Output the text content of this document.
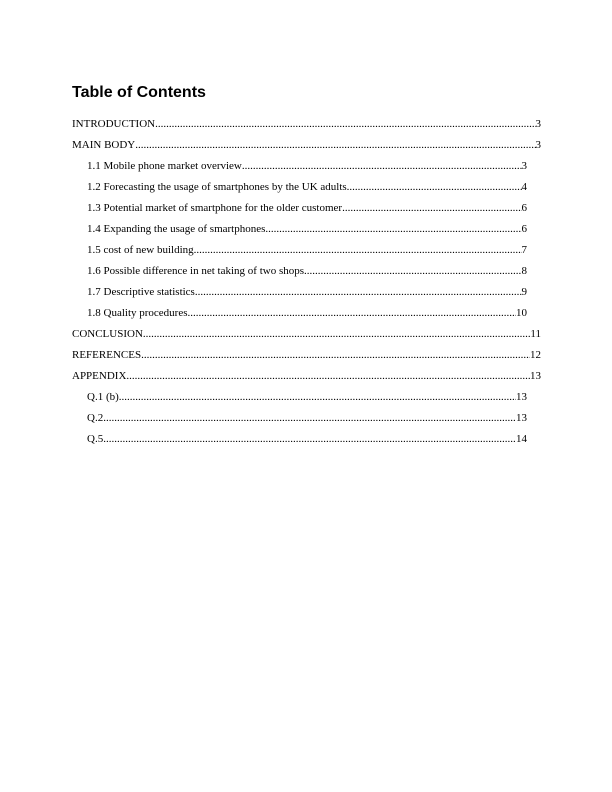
Table of Contents
INTRODUCTION .....	3
MAIN BODY .....	3
1.1 Mobile phone market overview .....	3
1.2 Forecasting the usage of smartphones by the UK adults .....	4
1.3 Potential market of smartphone for the older customer .....	6
1.4 Expanding the usage of smartphones .....	6
1.5 cost of new building .....	7
1.6 Possible difference in net taking of two shops .....	8
1.7 Descriptive statistics .....	9
1.8 Quality procedures .....	10
CONCLUSION .....	11
REFERENCES .....	12
APPENDIX .....	13
Q.1 (b) .....	13
Q.2 .....	13
Q.5 .....	14
